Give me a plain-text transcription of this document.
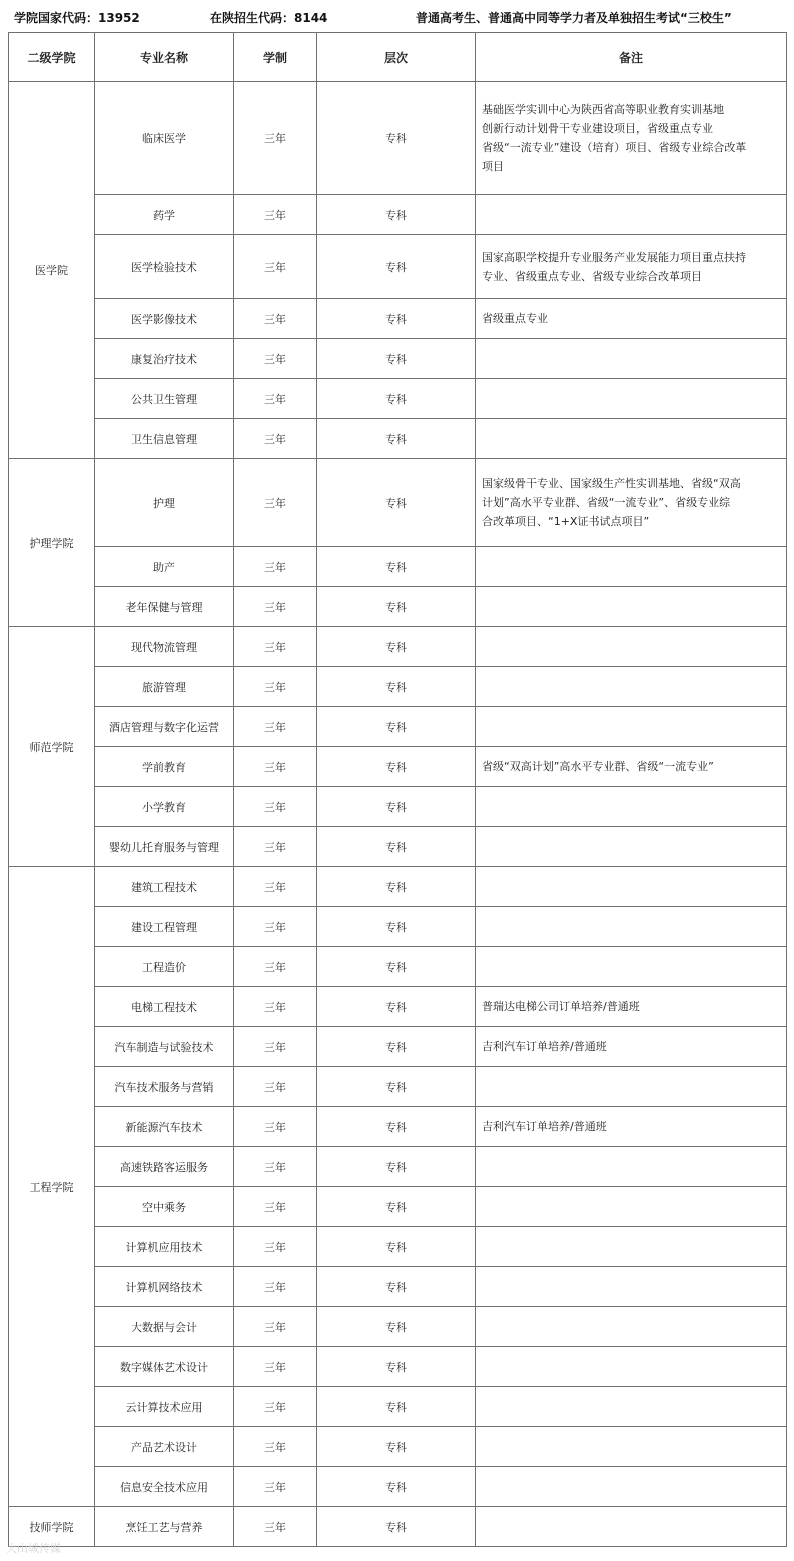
学院国家代码：13952	在陕招生代码：8144	普通高考生、普通高中同等学力者及单独招生考试“三校生”
二级学院	专业名称	学制	层次	备注
医学院	临床医学	三年	专科	基础医学实训中心为陕西省高等职业教育实训基地
创新行动计划骨干专业建设项目，省级重点专业
省级“一流专业”建设（培育）项目、省级专业综合改革
项目

	药学	三年	专科	
	医学检验技术	三年	专科	国家高职学校提升专业服务产业发展能力项目重点扶持
专业、省级重点专业、省级专业综合改革项目

	医学影像技术	三年	专科	省级重点专业

	康复治疗技术	三年	专科	
	公共卫生管理	三年	专科	
	卫生信息管理	三年	专科	
护理学院	护理	三年	专科	国家级骨干专业、国家级生产性实训基地、省级“双高
计划”高水平专业群、省级“一流专业”、省级专业综
合改革项目、“1+X证书试点项目”

	助产	三年	专科	
	老年保健与管理	三年	专科	
师范学院	现代物流管理	三年	专科	
	旅游管理	三年	专科	
	酒店管理与数字化运营	三年	专科	
	学前教育	三年	专科	省级“双高计划”高水平专业群、省级“一流专业”

	小学教育	三年	专科	
	婴幼儿托育服务与管理	三年	专科	
工程学院	建筑工程技术	三年	专科	
	建设工程管理	三年	专科	
	工程造价	三年	专科	
	电梯工程技术	三年	专科	普瑞达电梯公司订单培养/普通班

	汽车制造与试验技术	三年	专科	吉利汽车订单培养/普通班

	汽车技术服务与营销	三年	专科	
	新能源汽车技术	三年	专科	吉利汽车订单培养/普通班

	高速铁路客运服务	三年	专科	
	空中乘务	三年	专科	
	计算机应用技术	三年	专科	
	计算机网络技术	三年	专科	
	大数据与会计	三年	专科	
	数字媒体艺术设计	三年	专科	
	云计算技术应用	三年	专科	
	产品艺术设计	三年	专科	
	信息安全技术应用	三年	专科	
技师学院	烹饪工艺与营养	三年	专科	
大山城传媒
